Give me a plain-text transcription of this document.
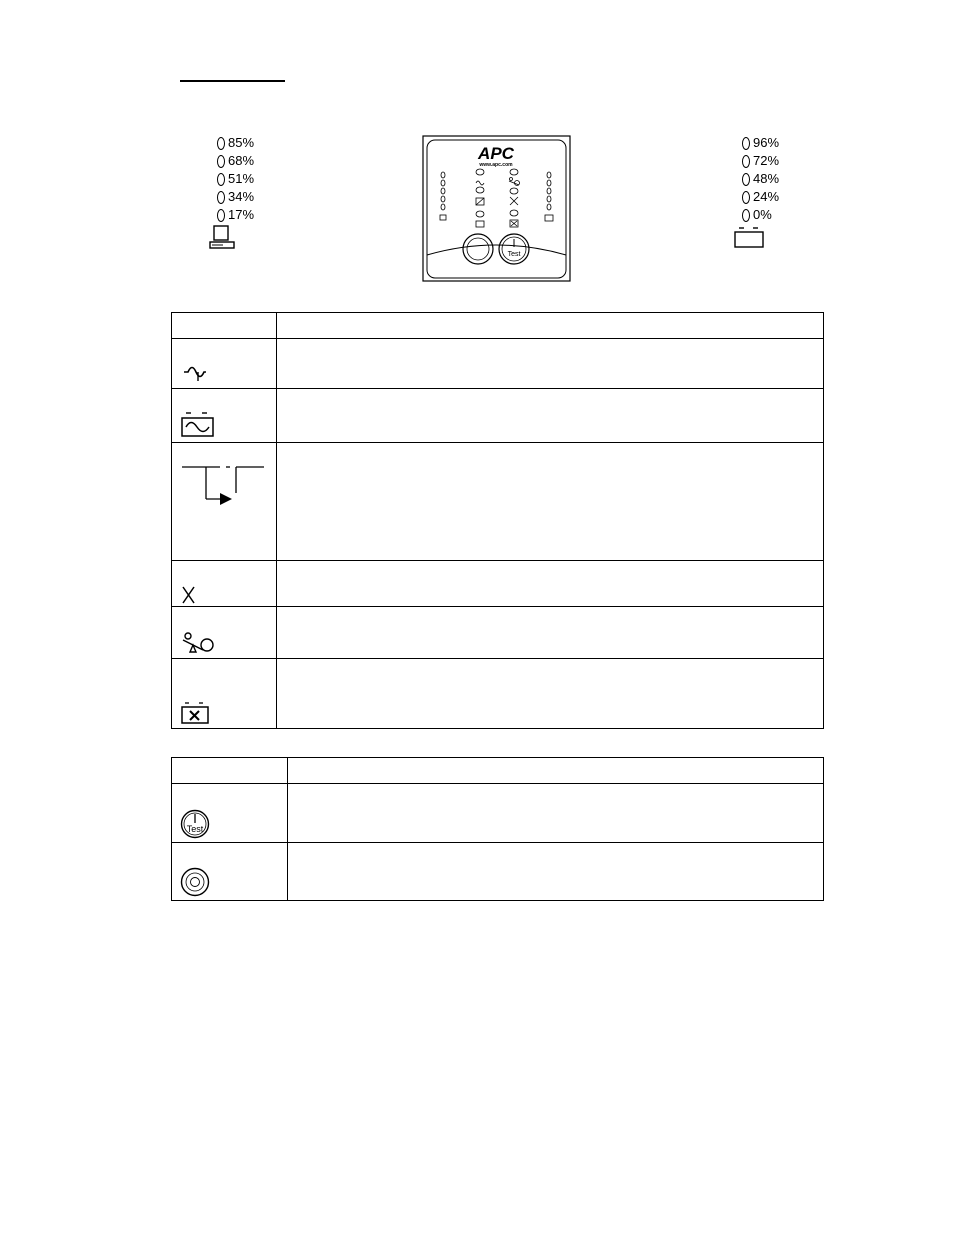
85%
68%
51%
34%
17%
96%
72%
48%
24%
0%
APC
www.apc.com
Test

Test	
